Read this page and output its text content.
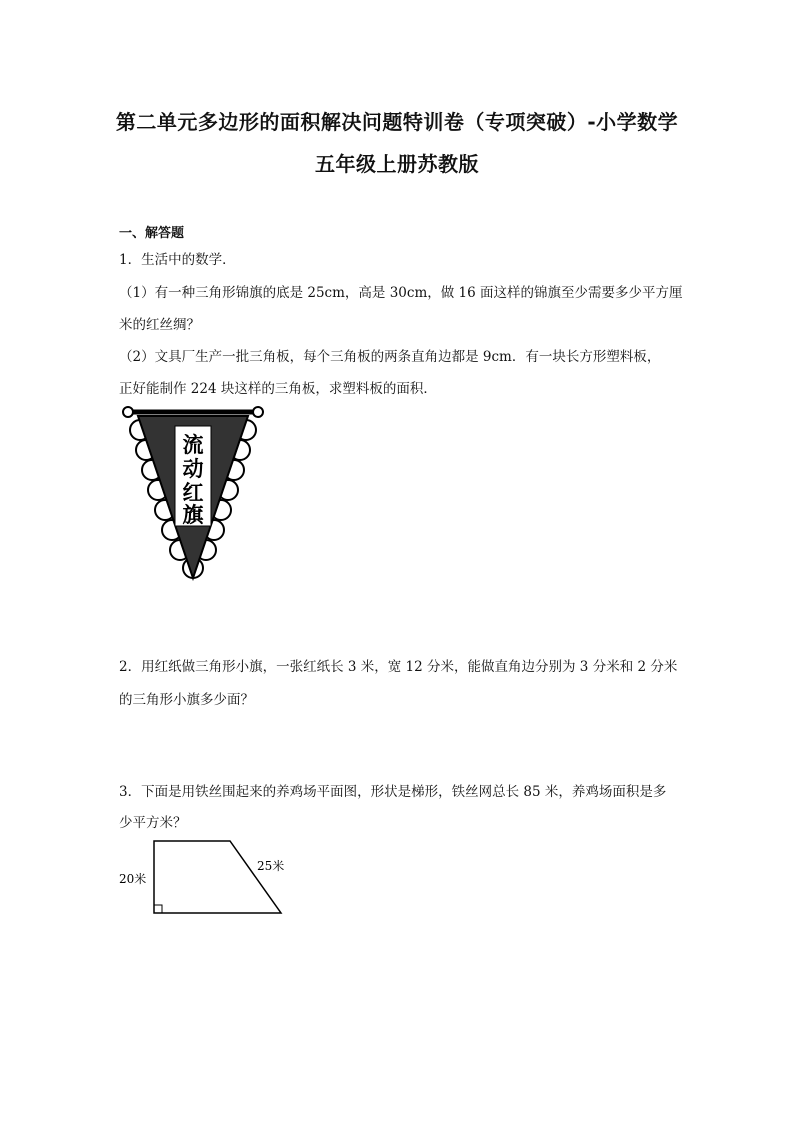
第二单元多边形的面积解决问题特训卷（专项突破）-小学数学
五年级上册苏教版
一、解答题
1．生活中的数学．
（1）有一种三角形锦旗的底是 25cm，高是 30cm，做 16 面这样的锦旗至少需要多少平方厘
米的红丝绸？
（2）文具厂生产一批三角板，每个三角板的两条直角边都是 9cm．有一块长方形塑料板，
正好能制作 224 块这样的三角板，求塑料板的面积．
流
动
红
旗
2．用红纸做三角形小旗，一张红纸长 3 米，宽 12 分米，能做直角边分别为 3 分米和 2 分米
的三角形小旗多少面？
3．下面是用铁丝围起来的养鸡场平面图，形状是梯形，铁丝网总长 85 米，养鸡场面积是多
少平方米？
20米
25米
